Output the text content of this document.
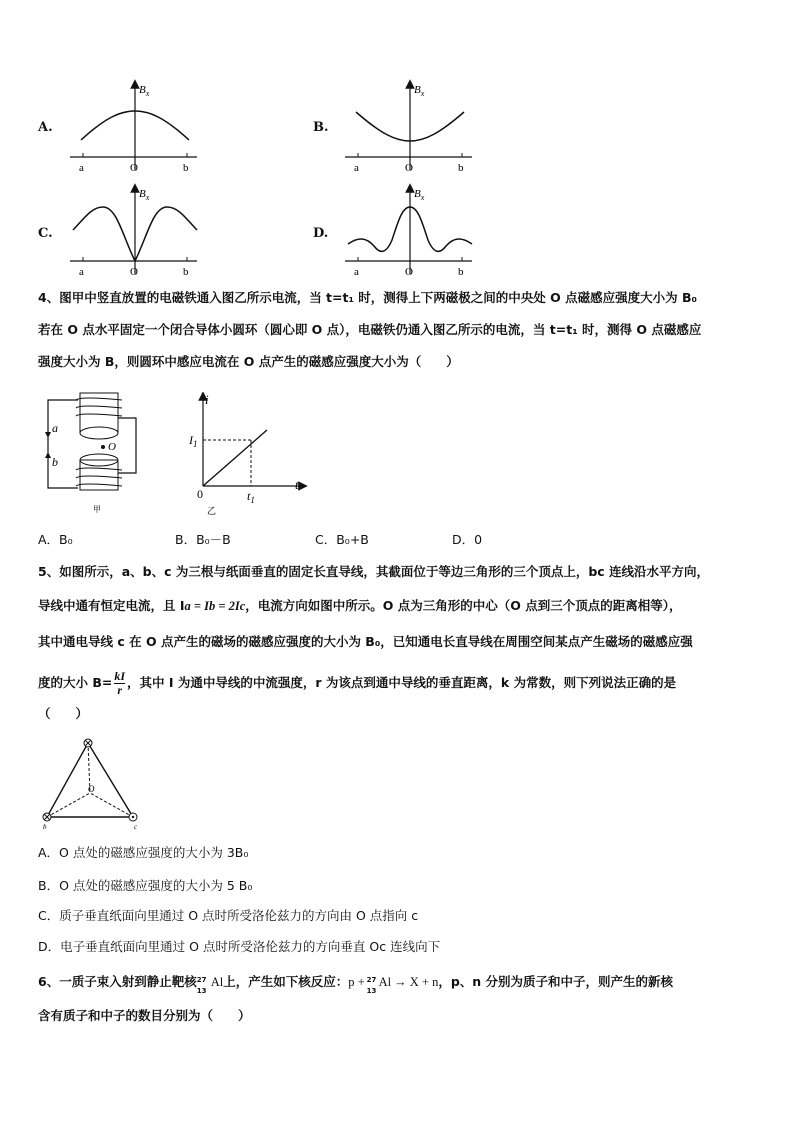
A.	B.
C.	D.
a	O	b
$B_x$
a	O	b
$B_x$
a	O	b
$B_x$
a	O	b
$B_x$
4、图甲中竖直放置的电磁铁通入图乙所示电流，当 t=t₁ 时，测得上下两磁极之间的中央处 O 点磁感应强度大小为 B₀
若在 O 点水平固定一个闭合导体小圆环（圆心即 O 点），电磁铁仍通入图乙所示的电流，当 t=t₁ 时，测得 O 点磁感应
强度大小为 B，则圆环中感应电流在 O 点产生的磁感应强度大小为（　　）
a
b
O
甲
i
t
$I_1$
$t_1$
0
乙
A．B₀	B．B₀－B	C．B₀+B	D．0
5、如图所示，a、b、c 为三根与纸面垂直的固定长直导线，其截面位于等边三角形的三个顶点上，bc 连线沿水平方向，
导线中通有恒定电流，且 Ia = Ib = 2Ic，电流方向如图中所示。O 点为三角形的中心（O 点到三个顶点的距离相等），
其中通电导线 c 在 O 点产生的磁场的磁感应强度的大小为 B₀，已知通电长直导线在周围空间某点产生磁场的磁感应强
度的大小 $B= \frac{kI}{r}$ ，其中 I 为通中导线的中流强度，r 为该点到通中导线的垂直距离，k 为常数，则下列说法正确的是
（　　）
O
b	c
A．O 点处的磁感应强度的大小为 3B₀
B．O 点处的磁感应强度的大小为 5 B₀
C．质子垂直纸面向里通过 O 点时所受洛伦兹力的方向由 O 点指向 c
D．电子垂直纸面向里通过 O 点时所受洛伦兹力的方向垂直 Oc 连线向下
6、一质子束入射到静止靶核 27
13
Al上，产生如下核反应：p + 27
13
Al → X + n，p、n 分别为质子和中子，则产生的新核
含有质子和中子的数目分别为（　　）
